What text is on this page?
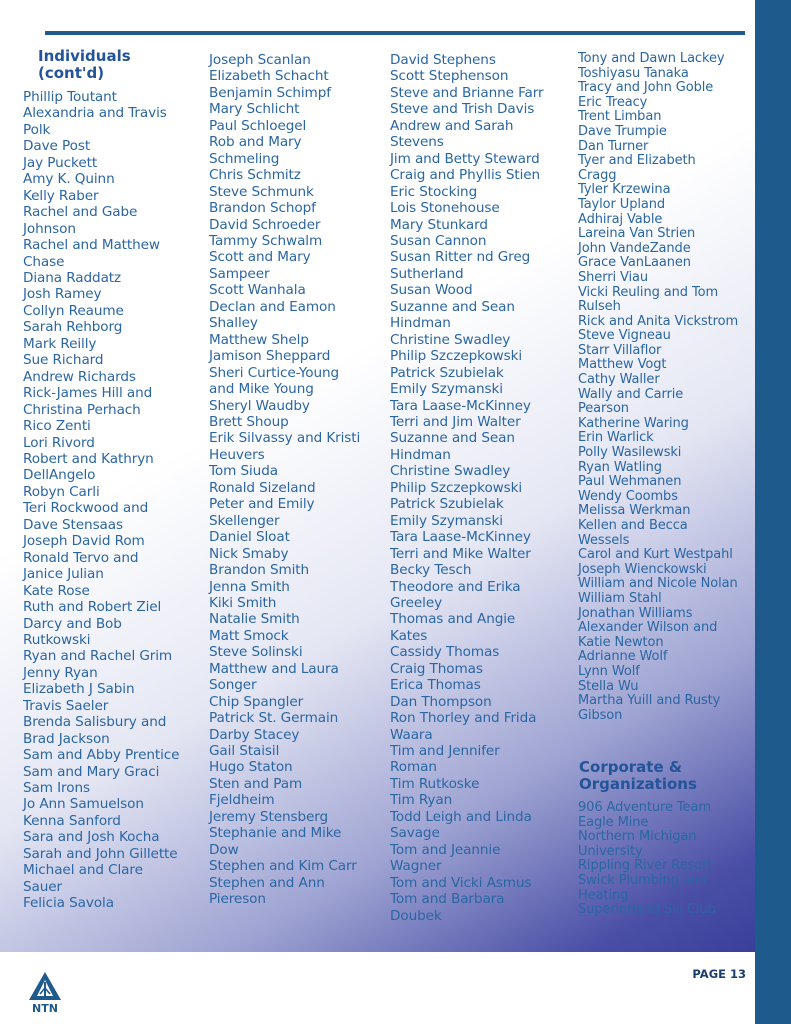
Individuals
(cont'd)
Phillip Toutant
Alexandria and Travis
Polk
Dave Post
Jay Puckett
Amy K. Quinn
Kelly Raber
Rachel and Gabe
Johnson
Rachel and Matthew
Chase
Diana Raddatz
Josh Ramey
Collyn Reaume
Sarah Rehborg
Mark Reilly
Sue Richard
Andrew Richards
Rick-James Hill and
Christina Perhach
Rico Zenti
Lori Rivord
Robert and Kathryn
DellAngelo
Robyn Carli
Teri Rockwood and
Dave Stensaas
Joseph David Rom
Ronald Tervo and
Janice Julian
Kate Rose
Ruth and Robert Ziel
Darcy and Bob
Rutkowski
Ryan and Rachel Grim
Jenny Ryan
Elizabeth J Sabin
Travis Saeler
Brenda Salisbury and
Brad Jackson
Sam and Abby Prentice
Sam and Mary Graci
Sam Irons
Jo Ann Samuelson
Kenna Sanford
Sara and Josh Kocha
Sarah and John Gillette
Michael and Clare
Sauer
Felicia Savola
Joseph Scanlan
Elizabeth Schacht
Benjamin Schimpf
Mary Schlicht
Paul Schloegel
Rob and Mary
Schmeling
Chris Schmitz
Steve Schmunk
Brandon Schopf
David Schroeder
Tammy Schwalm
Scott and Mary
Sampeer
Scott Wanhala
Declan and Eamon
Shalley
Matthew Shelp
Jamison Sheppard
Sheri Curtice-Young
and Mike Young
Sheryl Waudby
Brett Shoup
Erik Silvassy and Kristi
Heuvers
Tom Siuda
Ronald Sizeland
Peter and Emily
Skellenger
Daniel Sloat
Nick Smaby
Brandon Smith
Jenna Smith
Kiki Smith
Natalie Smith
Matt Smock
Steve Solinski
Matthew and Laura
Songer
Chip Spangler
Patrick St. Germain
Darby Stacey
Gail Staisil
Hugo Staton
Sten and Pam
Fjeldheim
Jeremy Stensberg
Stephanie and Mike
Dow
Stephen and Kim Carr
Stephen and Ann
Piereson
David Stephens
Scott Stephenson
Steve and Brianne Farr
Steve and Trish Davis
Andrew and Sarah
Stevens
Jim and Betty Steward
Craig and Phyllis Stien
Eric Stocking
Lois Stonehouse
Mary Stunkard
Susan Cannon
Susan Ritter nd Greg
Sutherland
Susan Wood
Suzanne and Sean
Hindman
Christine Swadley
Philip Szczepkowski
Patrick Szubielak
Emily Szymanski
Tara Laase-McKinney
Terri and Jim Walter
Suzanne and Sean
Hindman
Christine Swadley
Philip Szczepkowski
Patrick Szubielak
Emily Szymanski
Tara Laase-McKinney
Terri and Mike Walter
Becky Tesch
Theodore and Erika
Greeley
Thomas and Angie
Kates
Cassidy Thomas
Craig Thomas
Erica Thomas
Dan Thompson
Ron Thorley and Frida
Waara
Tim and Jennifer
Roman
Tim Rutkoske
Tim Ryan
Todd Leigh and Linda
Savage
Tom and Jeannie
Wagner
Tom and Vicki Asmus
Tom and Barbara
Doubek
Tony and Dawn Lackey
Toshiyasu Tanaka
Tracy and John Goble
Eric Treacy
Trent Limban
Dave Trumpie
Dan Turner
Tyer and Elizabeth
Cragg
Tyler Krzewina
Taylor Upland
Adhiraj Vable
Lareina Van Strien
John VandeZande
Grace VanLaanen
Sherri Viau
Vicki Reuling and Tom
Rulseh
Rick and Anita Vickstrom
Steve Vigneau
Starr Villaflor
Matthew Vogt
Cathy Waller
Wally and Carrie
Pearson
Katherine Waring
Erin Warlick
Polly Wasilewski
Ryan Watling
Paul Wehmanen
Wendy Coombs
Melissa Werkman
Kellen and Becca
Wessels
Carol and Kurt Westpahl
Joseph Wienckowski
William and Nicole Nolan
William Stahl
Jonathan Williams
Alexander Wilson and
Katie Newton
Adrianne Wolf
Lynn Wolf
Stella Wu
Martha Yuill and Rusty
Gibson
Corporate &
Organizations
906 Adventure Team
Eagle Mine
Northern Michigan
University
Rippling River Resort
Swick Plumbing and
Heating
Superiorland Ski Club
NTN
PAGE 13
